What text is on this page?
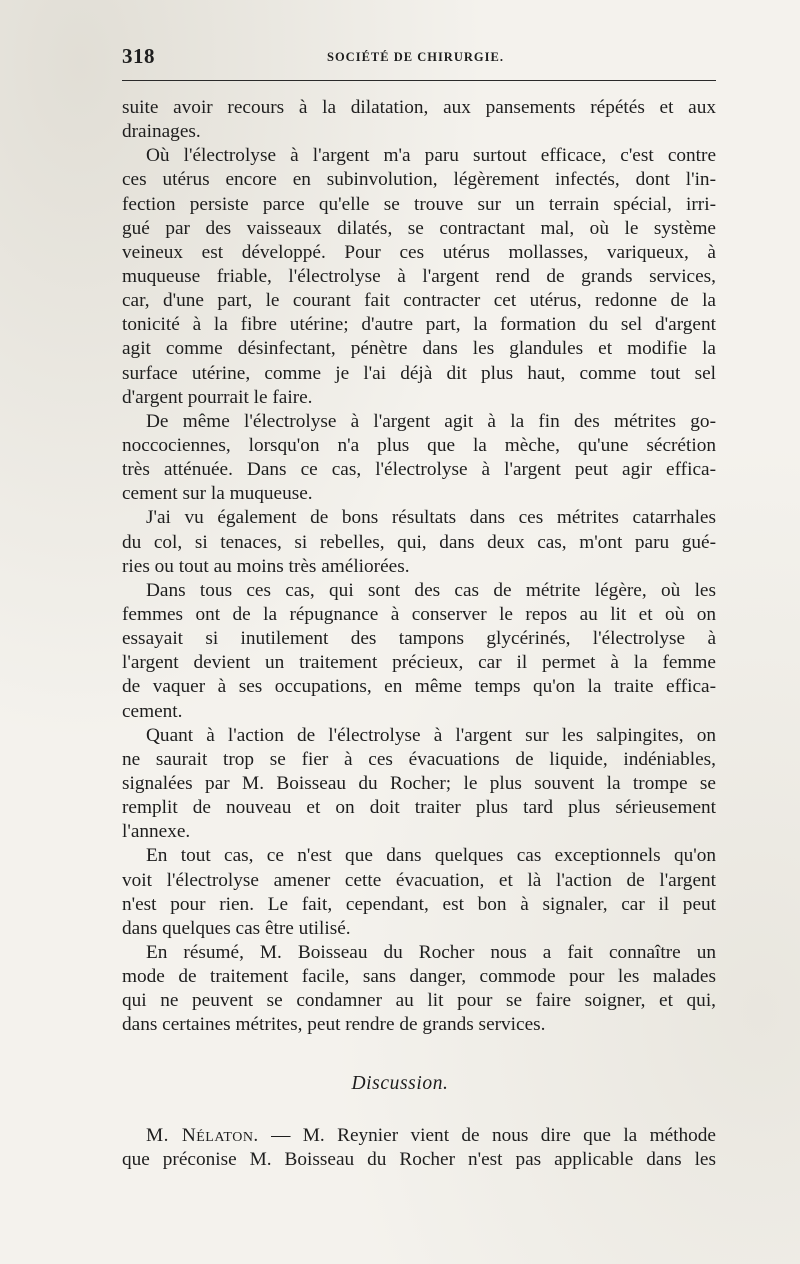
318	SOCIÉTÉ DE CHIRURGIE.
suite avoir recours à la dilatation, aux pansements répétés et aux
drainages.
Où l'électrolyse à l'argent m'a paru surtout efficace, c'est contre
ces utérus encore en subinvolution, légèrement infectés, dont l'in-
fection persiste parce qu'elle se trouve sur un terrain spécial, irri-
gué par des vaisseaux dilatés, se contractant mal, où le système
veineux est développé. Pour ces utérus mollasses, variqueux, à
muqueuse friable, l'électrolyse à l'argent rend de grands services,
car, d'une part, le courant fait contracter cet utérus, redonne de la
tonicité à la fibre utérine; d'autre part, la formation du sel d'argent
agit comme désinfectant, pénètre dans les glandules et modifie la
surface utérine, comme je l'ai déjà dit plus haut, comme tout sel
d'argent pourrait le faire.
De même l'électrolyse à l'argent agit à la fin des métrites go-
noccociennes, lorsqu'on n'a plus que la mèche, qu'une sécrétion
très atténuée. Dans ce cas, l'électrolyse à l'argent peut agir effica-
cement sur la muqueuse.
J'ai vu également de bons résultats dans ces métrites catarrhales
du col, si tenaces, si rebelles, qui, dans deux cas, m'ont paru gué-
ries ou tout au moins très améliorées.
Dans tous ces cas, qui sont des cas de métrite légère, où les
femmes ont de la répugnance à conserver le repos au lit et où on
essayait si inutilement des tampons glycérinés, l'électrolyse à
l'argent devient un traitement précieux, car il permet à la femme
de vaquer à ses occupations, en même temps qu'on la traite effica-
cement.
Quant à l'action de l'électrolyse à l'argent sur les salpingites, on
ne saurait trop se fier à ces évacuations de liquide, indéniables,
signalées par M. Boisseau du Rocher; le plus souvent la trompe se
remplit de nouveau et on doit traiter plus tard plus sérieusement
l'annexe.
En tout cas, ce n'est que dans quelques cas exceptionnels qu'on
voit l'électrolyse amener cette évacuation, et là l'action de l'argent
n'est pour rien. Le fait, cependant, est bon à signaler, car il peut
dans quelques cas être utilisé.
En résumé, M. Boisseau du Rocher nous a fait connaître un
mode de traitement facile, sans danger, commode pour les malades
qui ne peuvent se condamner au lit pour se faire soigner, et qui,
dans certaines métrites, peut rendre de grands services.
Discussion.
M. Nélaton. — M. Reynier vient de nous dire que la méthode
que préconise M. Boisseau du Rocher n'est pas applicable dans les
